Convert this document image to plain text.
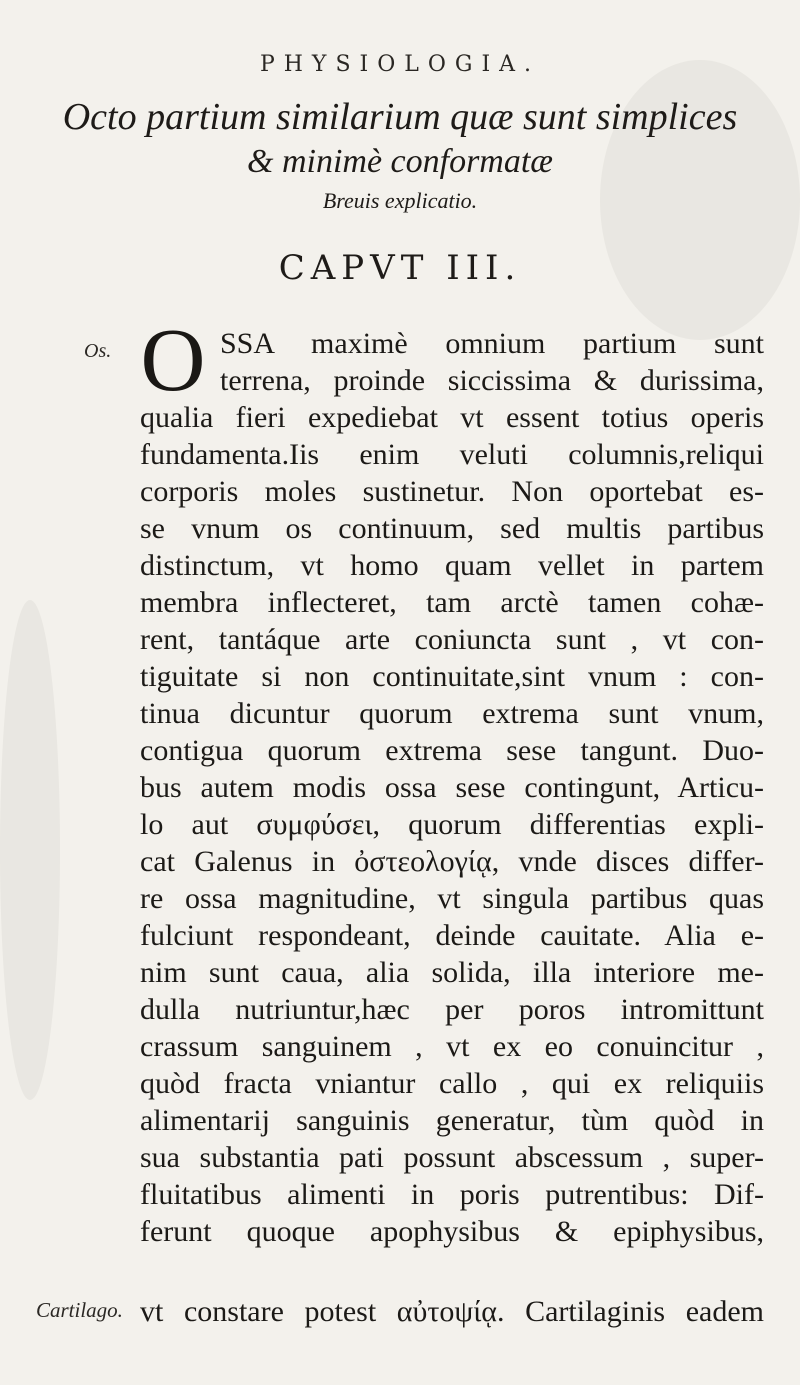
PHYSIOLOGIA.
Octo partium similarium quæ sunt simplices
& minimè conformatæ
Breuis explicatio.
CAPVT III.
Os.
Cartilago.
O SSA maximè omnium partium sunt
terrena, proinde siccissima & durissima,
qualia fieri expediebat vt essent totius operis
fundamenta.Iis enim veluti columnis,reliqui
corporis moles sustinetur. Non oportebat es-
se vnum os continuum, sed multis partibus
distinctum, vt homo quam vellet in partem
membra inflecteret, tam arctè tamen cohæ-
rent, tantáque arte coniuncta sunt , vt con-
tiguitate si non continuitate,sint vnum : con-
tinua dicuntur quorum extrema sunt vnum,
contigua quorum extrema sese tangunt. Duo-
bus autem modis ossa sese contingunt, Articu-
lo aut συμφύσει, quorum differentias expli-
cat Galenus in ὀστεολογίᾳ, vnde disces differ-
re ossa magnitudine, vt singula partibus quas
fulciunt respondeant, deinde cauitate. Alia e-
nim sunt caua, alia solida, illa interiore me-
dulla nutriuntur,hæc per poros intromittunt
crassum sanguinem , vt ex eo conuincitur ,
quòd fracta vniantur callo , qui ex reliquiis
alimentarij sanguinis generatur, tùm quòd in
sua substantia pati possunt abscessum , super-
fluitatibus alimenti in poris putrentibus: Dif-
ferunt quoque apophysibus & epiphysibus,
vt constare potest αὐτοψίᾳ. Cartilaginis eadem
